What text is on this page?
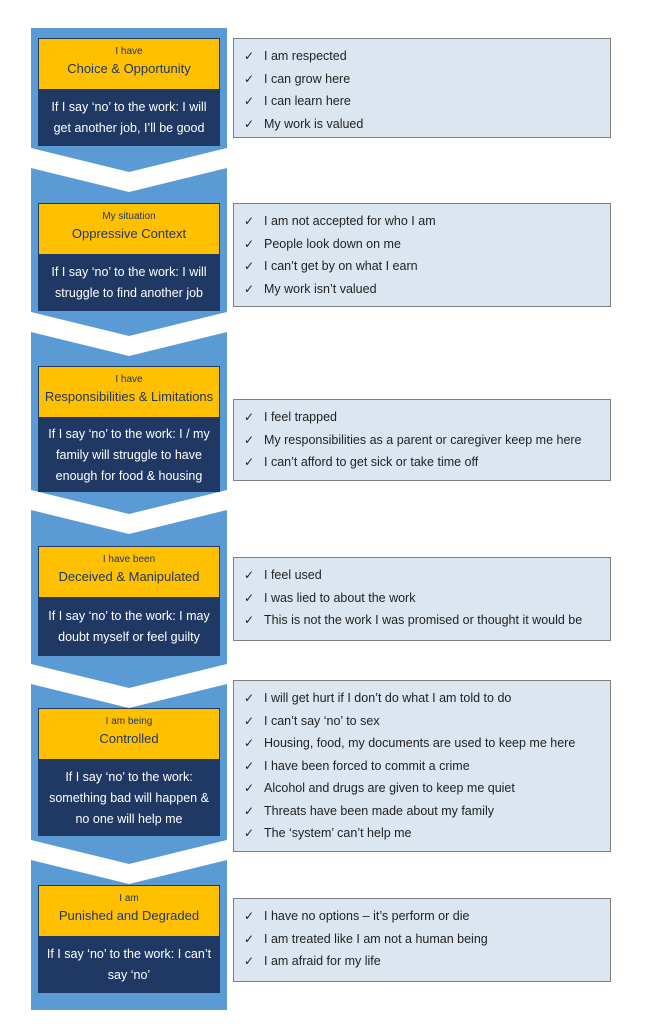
I have
Choice & Opportunity
If I say ‘no’ to the work: I will get another job, I’ll be good
✓ I am respected
✓ I can grow here
✓ I can learn here
✓ My work is valued
My situation
Oppressive Context
If I say ‘no’ to the work: I will struggle to find another job
✓ I am not accepted for who I am
✓ People look down on me
✓ I can’t get by on what I earn
✓ My work isn’t valued
I have
Responsibilities & Limitations
If I say ‘no’ to the work: I / my family will struggle to have enough for food & housing
✓ I feel trapped
✓ My responsibilities as a parent or caregiver keep me here
✓ I can’t afford to get sick or take time off
I have been
Deceived & Manipulated
If I say ‘no’ to the work: I may doubt myself or feel guilty
✓ I feel used
✓ I was lied to about the work
✓ This is not the work I was promised or thought it would be
I am being
Controlled
If I say ‘no’ to the work: something bad will happen & no one will help me
✓ I will get hurt if I don’t do what I am told to do
✓ I can’t say ‘no’ to sex
✓ Housing, food, my documents are used to keep me here
✓ I have been forced to commit a crime
✓ Alcohol and drugs are given to keep me quiet
✓ Threats have been made about my family
✓ The ‘system’ can’t help me
I am
Punished and Degraded
If I say ‘no’ to the work: I can’t say ‘no’
✓ I have no options – it’s perform or die
✓ I am treated like I am not a human being
✓ I am afraid for my life
